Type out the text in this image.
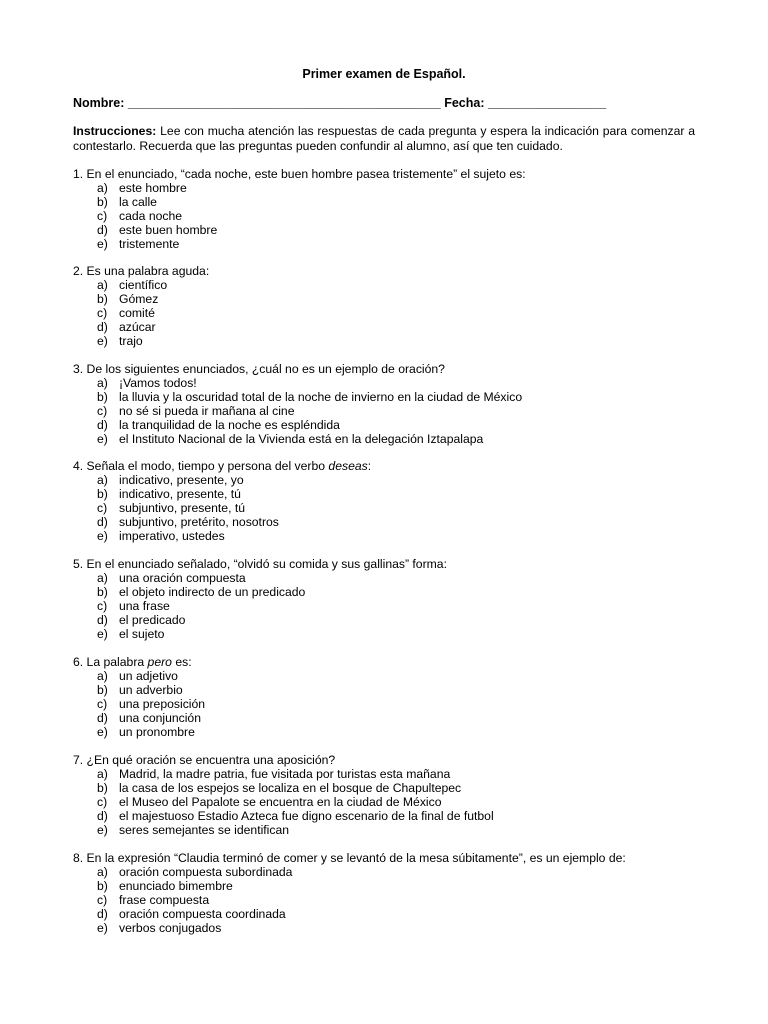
Primer examen de Español.
Nombre: _____________________________________________ Fecha: _________________
Instrucciones: Lee con mucha atención las respuestas de cada pregunta y espera la indicación para comenzar a contestarlo. Recuerda que las preguntas pueden confundir al alumno, así que ten cuidado.
1. En el enunciado, “cada noche, este buen hombre pasea tristemente” el sujeto es:
a) este hombre
b) la calle
c) cada noche
d) este buen hombre
e) tristemente
2. Es una palabra aguda:
a) científico
b) Gómez
c) comité
d) azúcar
e) trajo
3. De los siguientes enunciados, ¿cuál no es un ejemplo de oración?
a) ¡Vamos todos!
b) la lluvia y la oscuridad total de la noche de invierno en la ciudad de México
c) no sé si pueda ir mañana al cine
d) la tranquilidad de la noche es espléndida
e) el Instituto Nacional de la Vivienda está en la delegación Iztapalapa
4. Señala el modo, tiempo y persona del verbo deseas:
a) indicativo, presente, yo
b) indicativo, presente, tú
c) subjuntivo, presente, tú
d) subjuntivo, pretérito, nosotros
e) imperativo, ustedes
5. En el enunciado señalado, “olvidó su comida y sus gallinas” forma:
a) una oración compuesta
b) el objeto indirecto de un predicado
c) una frase
d) el predicado
e) el sujeto
6. La palabra pero es:
a) un adjetivo
b) un adverbio
c) una preposición
d) una conjunción
e) un pronombre
7. ¿En qué oración se encuentra una aposición?
a) Madrid, la madre patria, fue visitada por turistas esta mañana
b) la casa de los espejos se localiza en el bosque de Chapultepec
c) el Museo del Papalote se encuentra en la ciudad de México
d) el majestuoso Estadio Azteca fue digno escenario de la final de futbol
e) seres semejantes se identifican
8. En la expresión “Claudia terminó de comer y se levantó de la mesa súbitamente”, es un ejemplo de:
a) oración compuesta subordinada
b) enunciado bimembre
c) frase compuesta
d) oración compuesta coordinada
e) verbos conjugados
